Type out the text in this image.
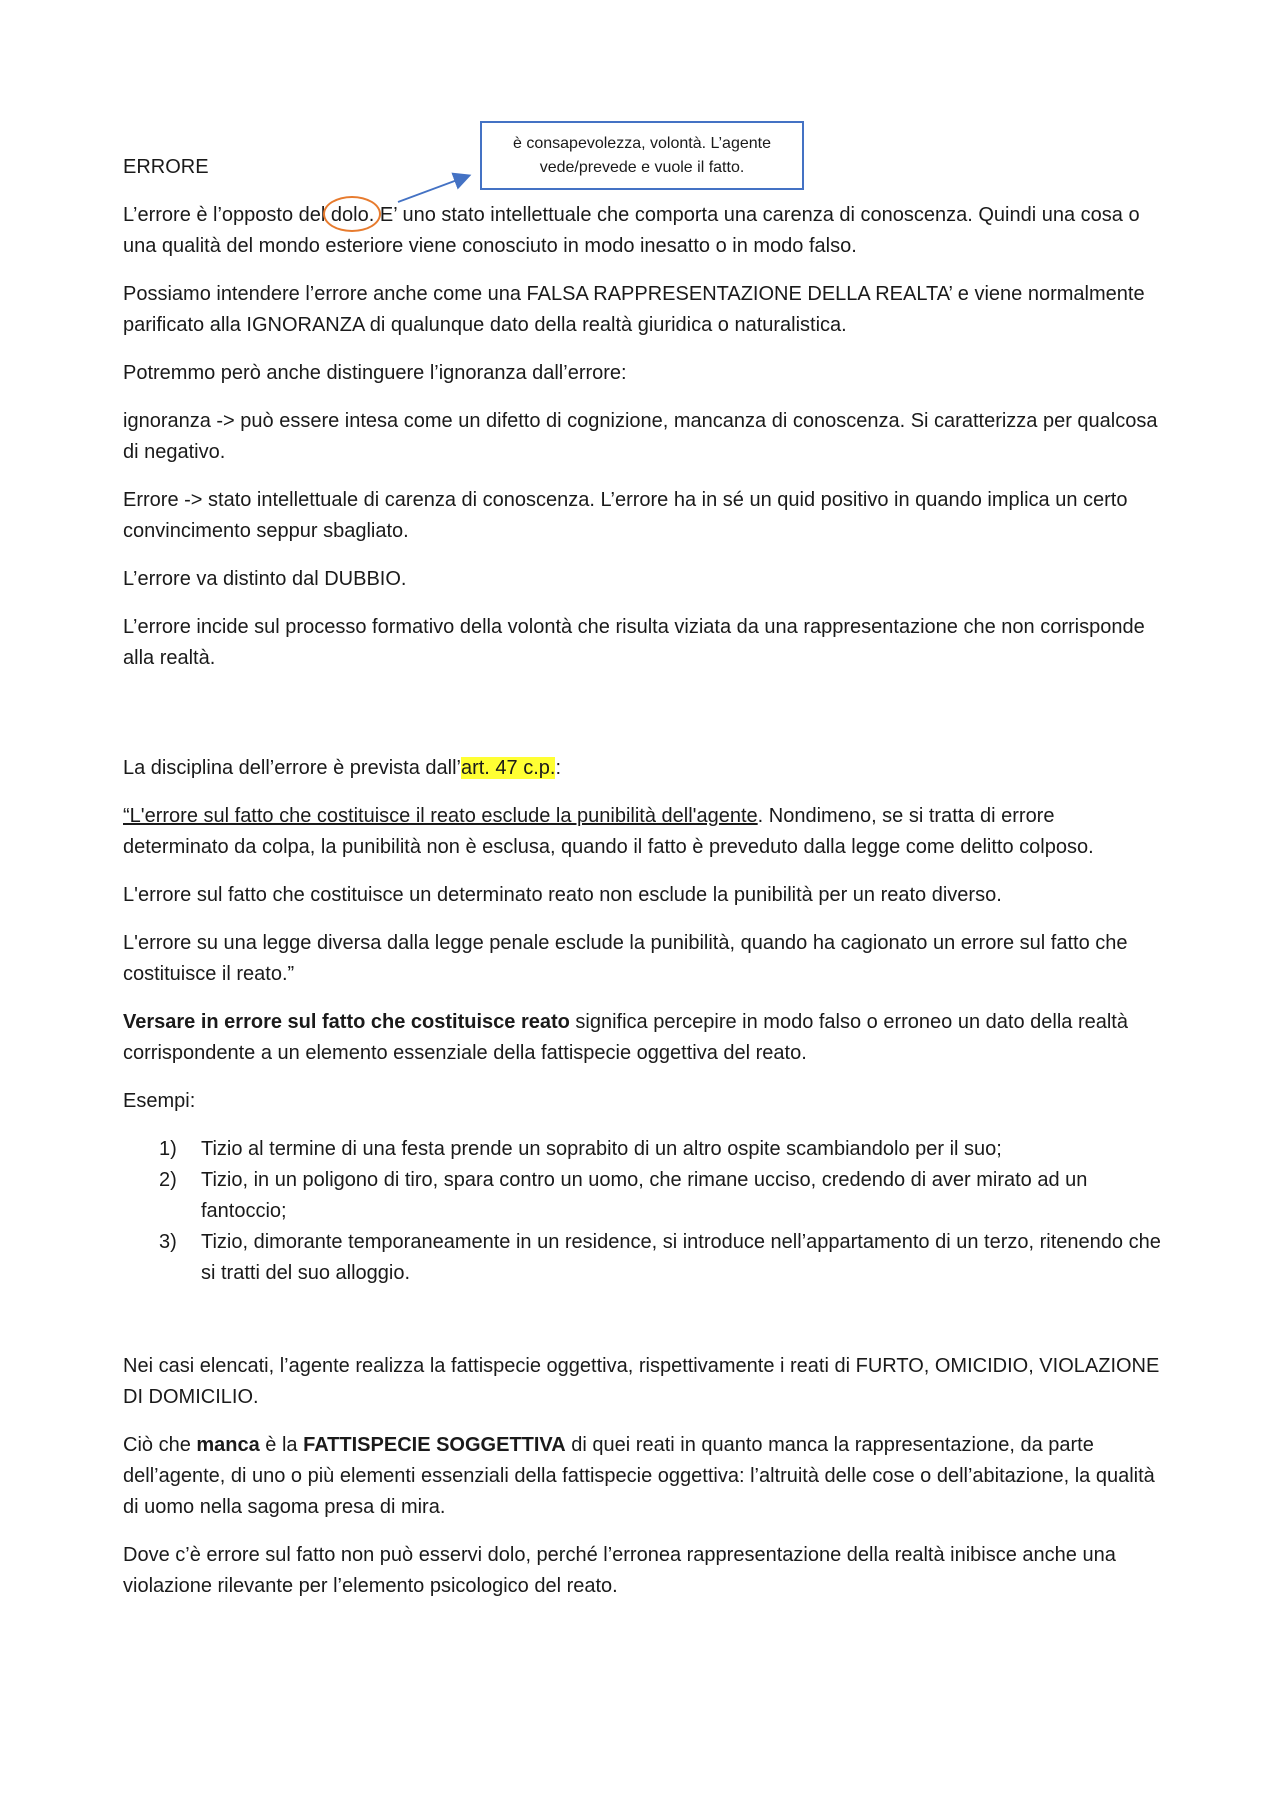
è consapevolezza, volontà. L’agente
vede/prevede e vuole il fatto.
ERRORE

L’errore è l’opposto del
dolo. E’ uno stato intellettuale che comporta una carenza di conoscenza. Quindi una cosa o una qualità del mondo esteriore viene conosciuto in modo inesatto o in modo falso.

Possiamo intendere l’errore anche come una FALSA RAPPRESENTAZIONE DELLA REALTA’ e viene normalmente parificato alla IGNORANZA di qualunque dato della realtà giuridica o naturalistica.

Potremmo però anche distinguere l’ignoranza dall’errore:

ignoranza -> può essere intesa come un difetto di cognizione, mancanza di conoscenza. Si caratterizza per qualcosa di negativo.

Errore -> stato intellettuale di carenza di conoscenza. L’errore ha in sé un quid positivo in quando implica un certo convincimento seppur sbagliato.

L’errore va distinto dal DUBBIO.

L’errore incide sul processo formativo della volontà che risulta viziata da una rappresentazione che non corrisponde alla realtà.

La disciplina dell’errore è prevista dall’art. 47 c.p.:

“L'errore sul fatto che costituisce il reato esclude la punibilità dell'agente. Nondimeno, se si tratta di errore determinato da colpa, la punibilità non è esclusa, quando il fatto è preveduto dalla legge come delitto colposo.

L'errore sul fatto che costituisce un determinato reato non esclude la punibilità per un reato diverso.

L'errore su una legge diversa dalla legge penale esclude la punibilità, quando ha cagionato un errore sul fatto che costituisce il reato.”

Versare in errore sul fatto che costituisce reato significa percepire in modo falso o erroneo un dato della realtà corrispondente a un elemento essenziale della fattispecie oggettiva del reato.

Esempi:

1) Tizio al termine di una festa prende un soprabito di un altro ospite scambiandolo per il suo;
2) Tizio, in un poligono di tiro, spara contro un uomo, che rimane ucciso, credendo di aver mirato ad un fantoccio;
3) Tizio, dimorante temporaneamente in un residence, si introduce nell’appartamento di un terzo, ritenendo che si tratti del suo alloggio.

Nei casi elencati, l’agente realizza la fattispecie oggettiva, rispettivamente i reati di FURTO, OMICIDIO, VIOLAZIONE DI DOMICILIO.

Ciò che manca è la FATTISPECIE SOGGETTIVA di quei reati in quanto manca la rappresentazione, da parte dell’agente, di uno o più elementi essenziali della fattispecie oggettiva: l’altruità delle cose o dell’abitazione, la qualità di uomo nella sagoma presa di mira.

Dove c’è errore sul fatto non può esservi dolo, perché l’erronea rappresentazione della realtà inibisce anche una violazione rilevante per l’elemento psicologico del reato.
